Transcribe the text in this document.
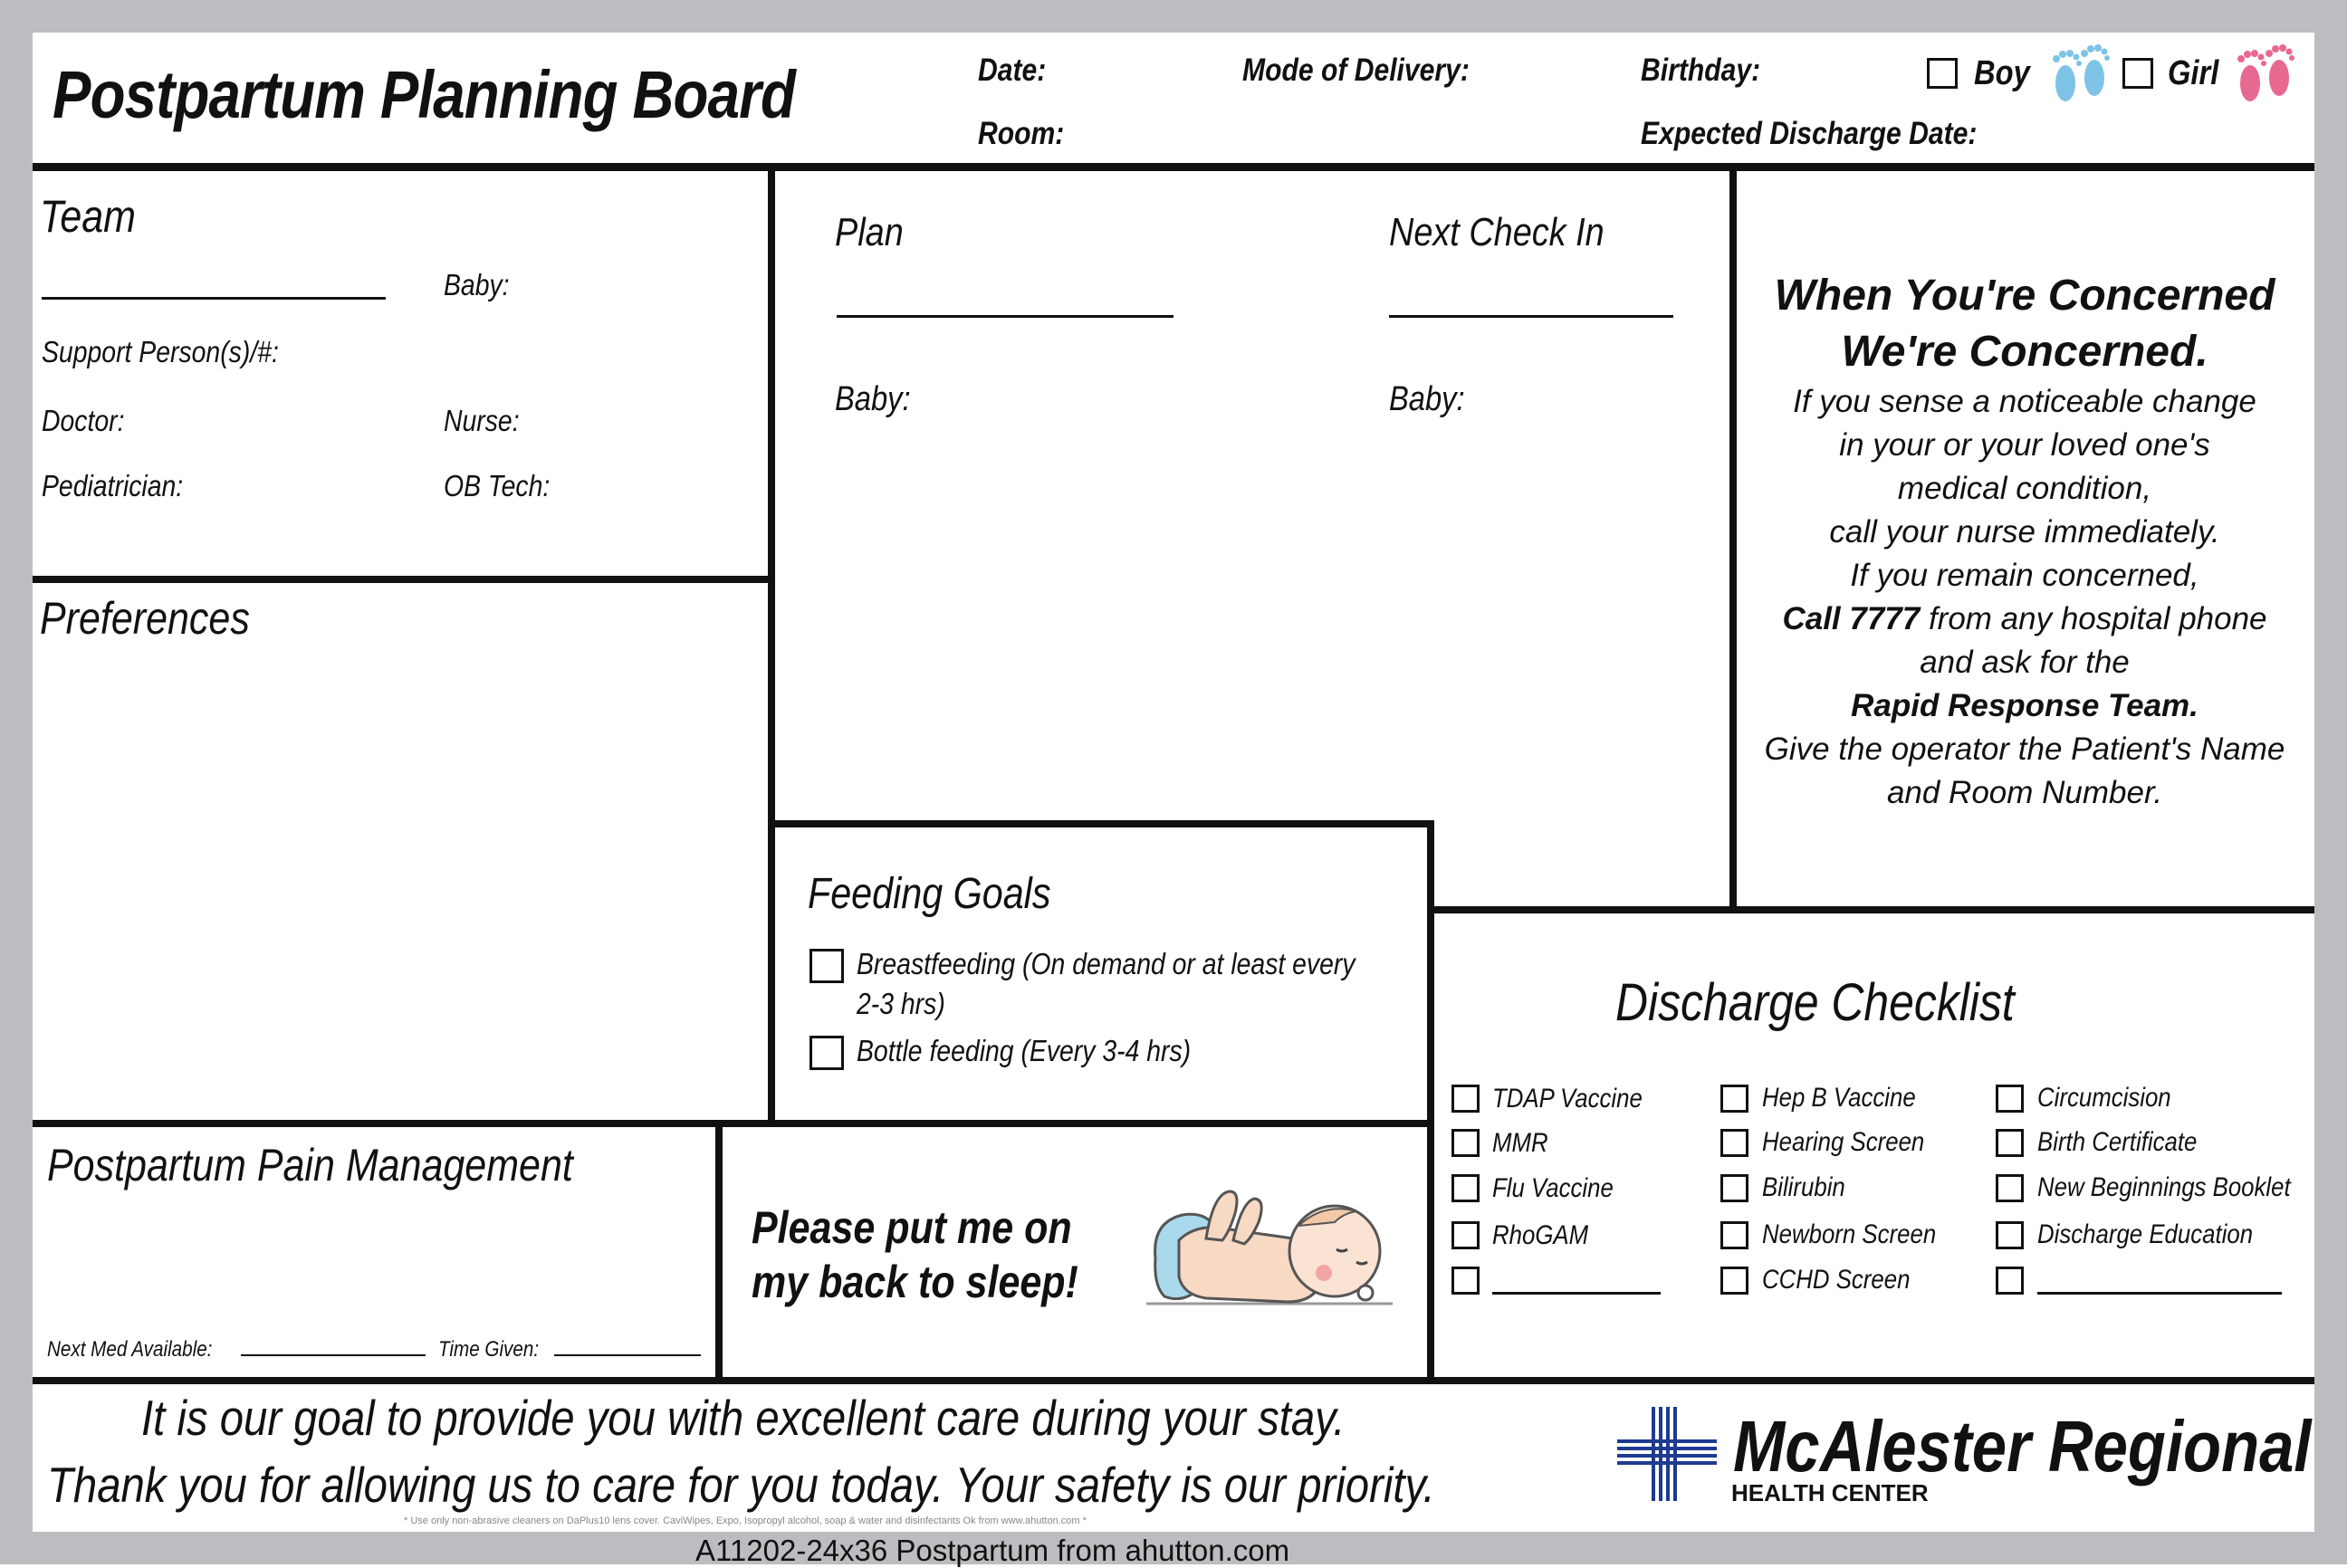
Postpartum Planning Board	Date:
Room:
Mode of Delivery:	Birthday:
Expected Discharge Date:
Boy	Girl
Team
Baby:
Support Person(s)/#:
Doctor:	Nurse:
Pediatrician:	OB Tech:
Preferences
Plan
Baby:
Next Check In
Baby:
When You're Concerned
We're Concerned.
If you sense a noticeable change
in your or your loved one's
medical condition,
call your nurse immediately.
If you remain concerned,
Call 7777 from any hospital phone
and ask for the
Rapid Response Team.
Give the operator the Patient's Name
and Room Number.
Feeding Goals
Breastfeeding (On demand or at least every
2-3 hrs)
Bottle feeding (Every 3-4 hrs)
Discharge Checklist
TDAP Vaccine
MMR
Flu Vaccine
RhoGAM
Hep B Vaccine
Hearing Screen
Bilirubin
Newborn Screen
CCHD Screen
Circumcision
Birth Certificate
New Beginnings Booklet
Discharge Education
Postpartum Pain Management
Next Med Available:	Time Given:
Please put me on
my back to sleep!
It is our goal to provide you with excellent care during your stay.
Thank you for allowing us to care for you today. Your safety is our priority.
* Use only non-abrasive cleaners on DaPlus10 lens cover. CaviWipes, Expo, Isopropyl alcohol, soap & water and disinfectants Ok from www.ahutton.com *
A11202-24x36 Postpartum from ahutton.com
McAlester Regional
HEALTH CENTER
